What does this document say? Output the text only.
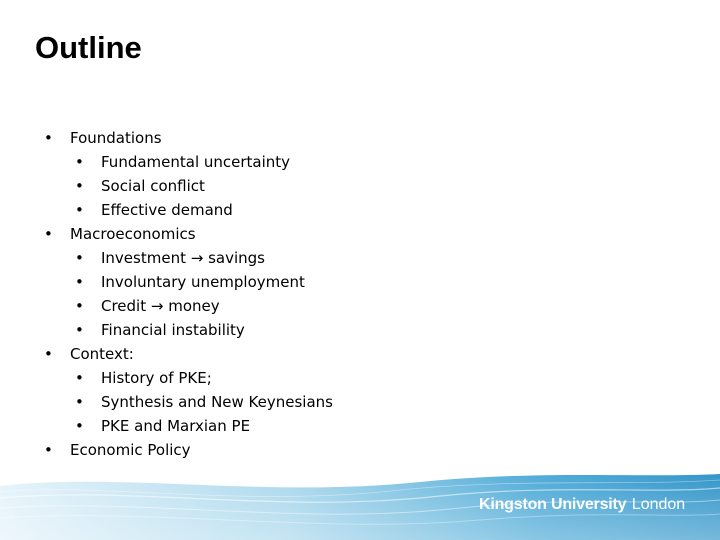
Outline
• Foundations
• Fundamental uncertainty
• Social conflict
• Effective demand
• Macroeconomics
• Investment → savings
• Involuntary unemployment
• Credit → money
• Financial instability
• Context:
• History of PKE;
• Synthesis and New Keynesians
• PKE and Marxian PE
• Economic Policy
Kingston University London
